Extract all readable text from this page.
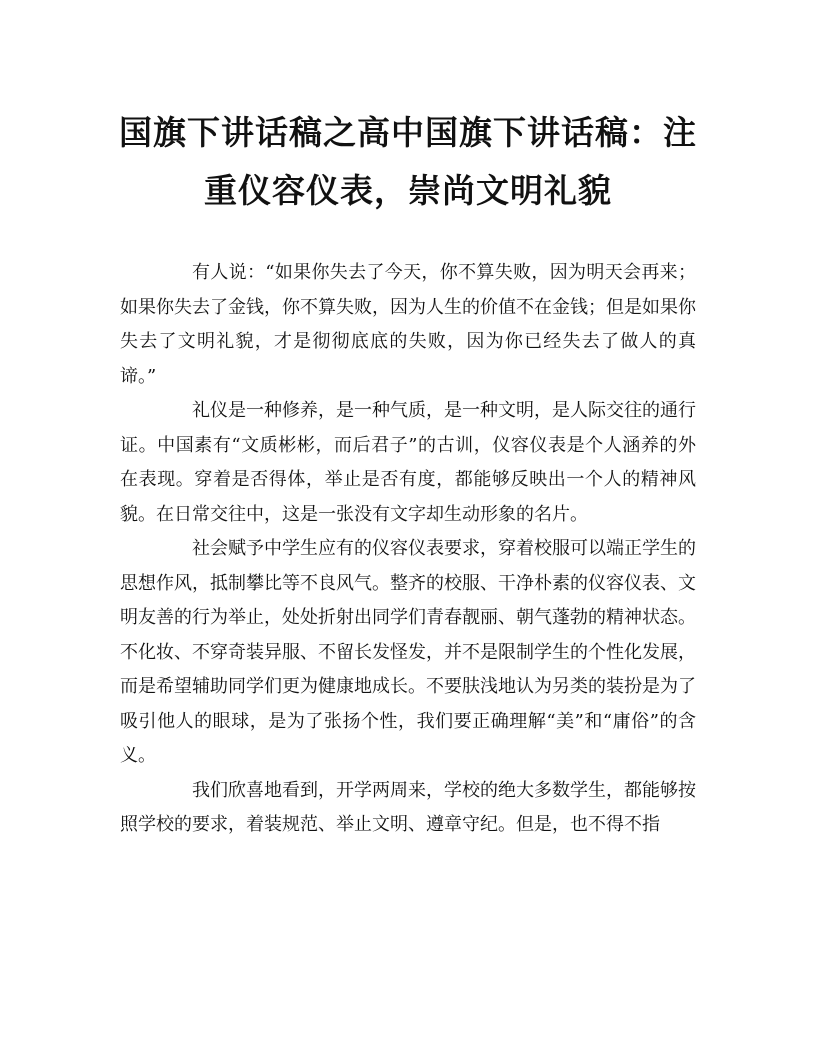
国旗下讲话稿之高中国旗下讲话稿：注
重仪容仪表，崇尚文明礼貌

有人说：“如果你失去了今天，你不算失败，因为明天会再来；如果你失去了金钱，你不算失败，因为人生的价值不在金钱；但是如果你失去了文明礼貌，才是彻彻底底的失败，因为你已经失去了做人的真谛。”

礼仪是一种修养，是一种气质，是一种文明，是人际交往的通行证。中国素有“文质彬彬，而后君子”的古训，仪容仪表是个人涵养的外在表现。穿着是否得体，举止是否有度，都能够反映出一个人的精神风貌。在日常交往中，这是一张没有文字却生动形象的名片。

社会赋予中学生应有的仪容仪表要求，穿着校服可以端正学生的思想作风，抵制攀比等不良风气。整齐的校服、干净朴素的仪容仪表、文明友善的行为举止，处处折射出同学们青春靓丽、朝气蓬勃的精神状态。不化妆、不穿奇装异服、不留长发怪发，并不是限制学生的个性化发展，而是希望辅助同学们更为健康地成长。不要肤浅地认为另类的装扮是为了吸引他人的眼球，是为了张扬个性，我们要正确理解“美”和“庸俗”的含义。

我们欣喜地看到，开学两周来，学校的绝大多数学生，都能够按照学校的要求，着装规范、举止文明、遵章守纪。但是，也不得不指
